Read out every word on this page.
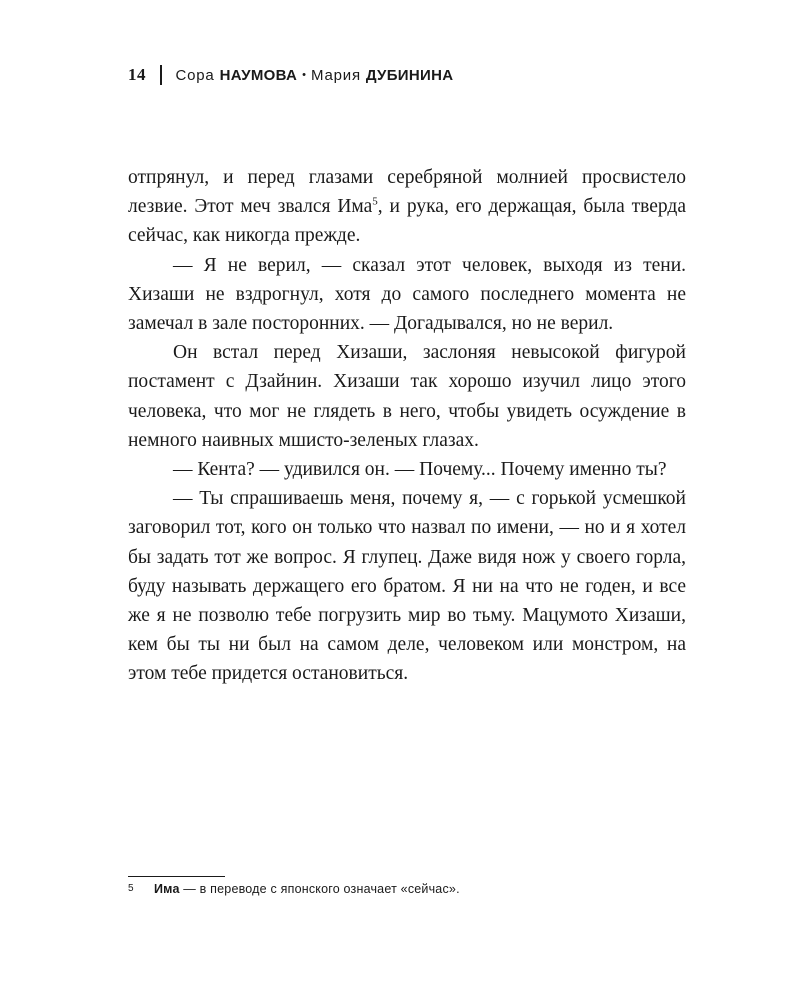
14 Сора НАУМОВА • Мария ДУБИНИНА

отпрянул, и перед глазами серебряной молнией просвистело лезвие. Этот меч звался Има$^5$, и рука, его держащая, была тверда сейчас, как никогда прежде.

— Я не верил, — сказал этот человек, выходя из тени. Хизаши не вздрогнул, хотя до самого последнего момента не замечал в зале посторонних. — Догадывался, но не верил.

Он встал перед Хизаши, заслоняя невысокой фигурой постамент с Дзайнин. Хизаши так хорошо изучил лицо этого человека, что мог не глядеть в него, чтобы увидеть осуждение в немного наивных мшисто-зеленых глазах.

— Кента? — удивился он. — Почему... Почему именно ты?

— Ты спрашиваешь меня, почему я, — с горькой усмешкой заговорил тот, кого он только что назвал по имени, — но и я хотел бы задать тот же вопрос. Я глупец. Даже видя нож у своего горла, буду называть держащего его братом. Я ни на что не годен, и все же я не позволю тебе погрузить мир во тьму. Мацумото Хизаши, кем бы ты ни был на самом деле, человеком или монстром, на этом тебе придется остановиться.

5 Има — в переводе с японского означает «сейчас».
